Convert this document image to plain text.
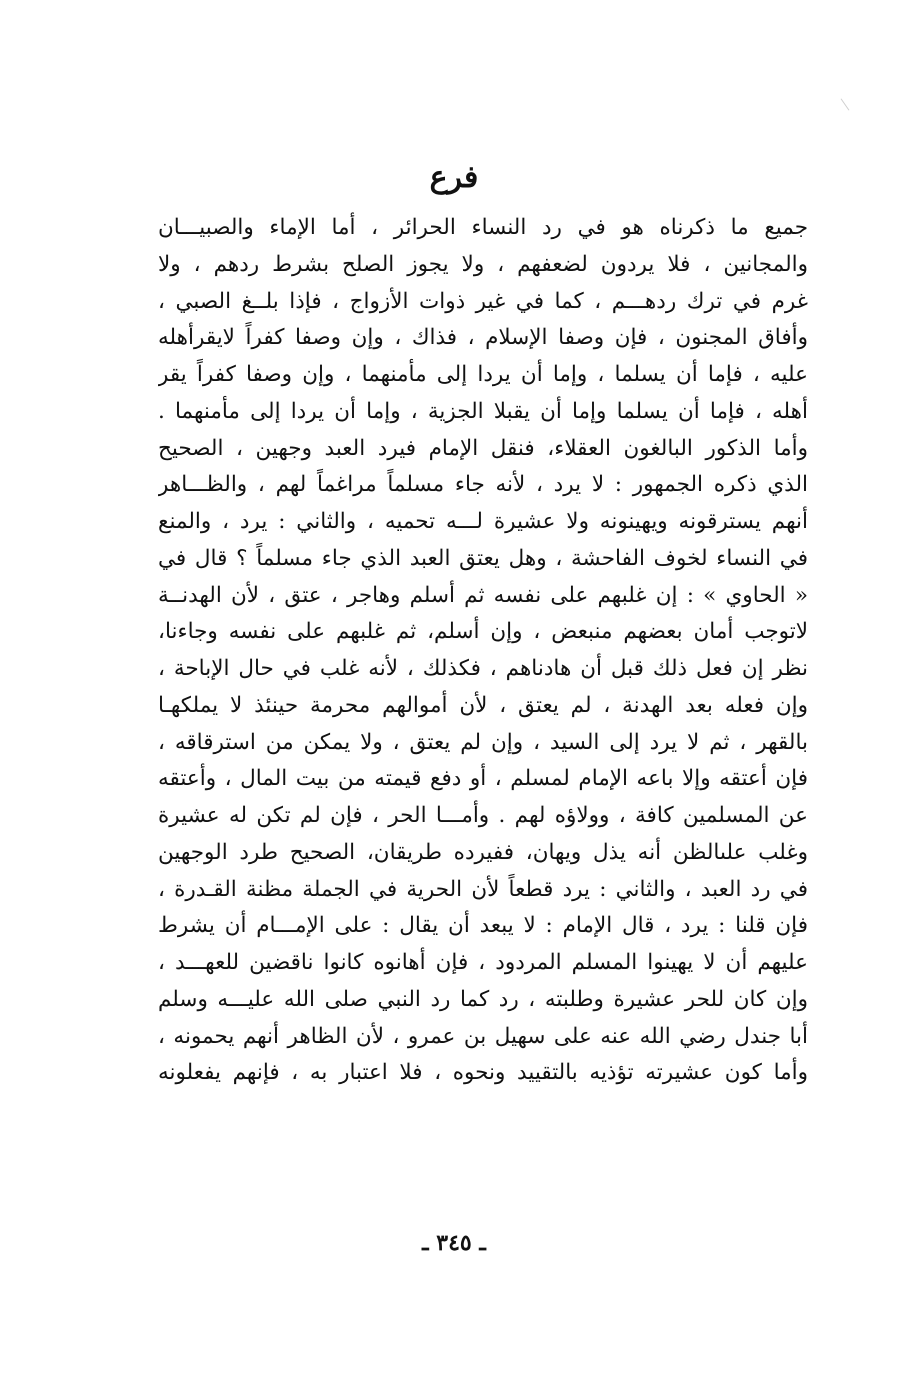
فرع
جميع ما ذكرناه هو في رد النساء الحرائر ، أما الإماء والصبيـــان
والمجانين ، فلا يردون لضعفهم ، ولا يجوز الصلح بشرط ردهم ، ولا
غرم في ترك ردهـــم ، كما في غير ذوات الأزواج ، فإذا بلــغ الصبي ،
وأفاق المجنون ، فإن وصفا الإسلام ، فذاك ، وإن وصفا كفراً لايقرأهله
عليه ، فإما أن يسلما ، وإما أن يردا إلى مأمنهما ، وإن وصفا كفراً يقر
أهله ، فإما أن يسلما وإما أن يقبلا الجزية ، وإما أن يردا إلى مأمنهما .
وأما الذكور البالغون العقلاء، فنقل الإمام فيرد العبد وجهين ، الصحيح
الذي ذكره الجمهور : لا يرد ، لأنه جاء مسلماً مراغماً لهم ، والظـــاهر
أنهم يسترقونه ويهينونه ولا عشيرة لـــه تحميه ، والثاني : يرد ، والمنع
في النساء لخوف الفاحشة ، وهل يعتق العبد الذي جاء مسلماً ؟ قال في
« الحاوي » : إن غلبهم على نفسه ثم أسلم وهاجر ، عتق ، لأن الهدنــة
لاتوجب أمان بعضهم منبعض ، وإن أسلم، ثم غلبهم على نفسه وجاءنا،
نظر إن فعل ذلك قبل أن هادناهم ، فكذلك ، لأنه غلب في حال الإباحة ،
وإن فعله بعد الهدنة ، لم يعتق ، لأن أموالهم محرمة حينئذ لا يملكهـا
بالقهر ، ثم لا يرد إلى السيد ، وإن لم يعتق ، ولا يمكن من استرقاقه ،
فإن أعتقه وإلا باعه الإمام لمسلم ، أو دفع قيمته من بيت المال ، وأعتقه
عن المسلمين كافة ، وولاؤه لهم . وأمـــا الحر ، فإن لم تكن له عشيرة
وغلب علىالظن أنه يذل ويهان، ففيرده طريقان، الصحيح طرد الوجهين
في رد العبد ، والثاني : يرد قطعاً لأن الحرية في الجملة مظنة القـدرة ،
فإن قلنا : يرد ، قال الإمام : لا يبعد أن يقال : على الإمـــام أن يشرط
عليهم أن لا يهينوا المسلم المردود ، فإن أهانوه كانوا ناقضين للعهـــد ،
وإن كان للحر عشيرة وطلبته ، رد كما رد النبي صلى الله عليـــه وسلم
أبا جندل رضي الله عنه على سهيل بن عمرو ، لأن الظاهر أنهم يحمونه ،
وأما كون عشيرته تؤذيه بالتقييد ونحوه ، فلا اعتبار به ، فإنهم يفعلونه
ـ ٣٤٥ ـ
